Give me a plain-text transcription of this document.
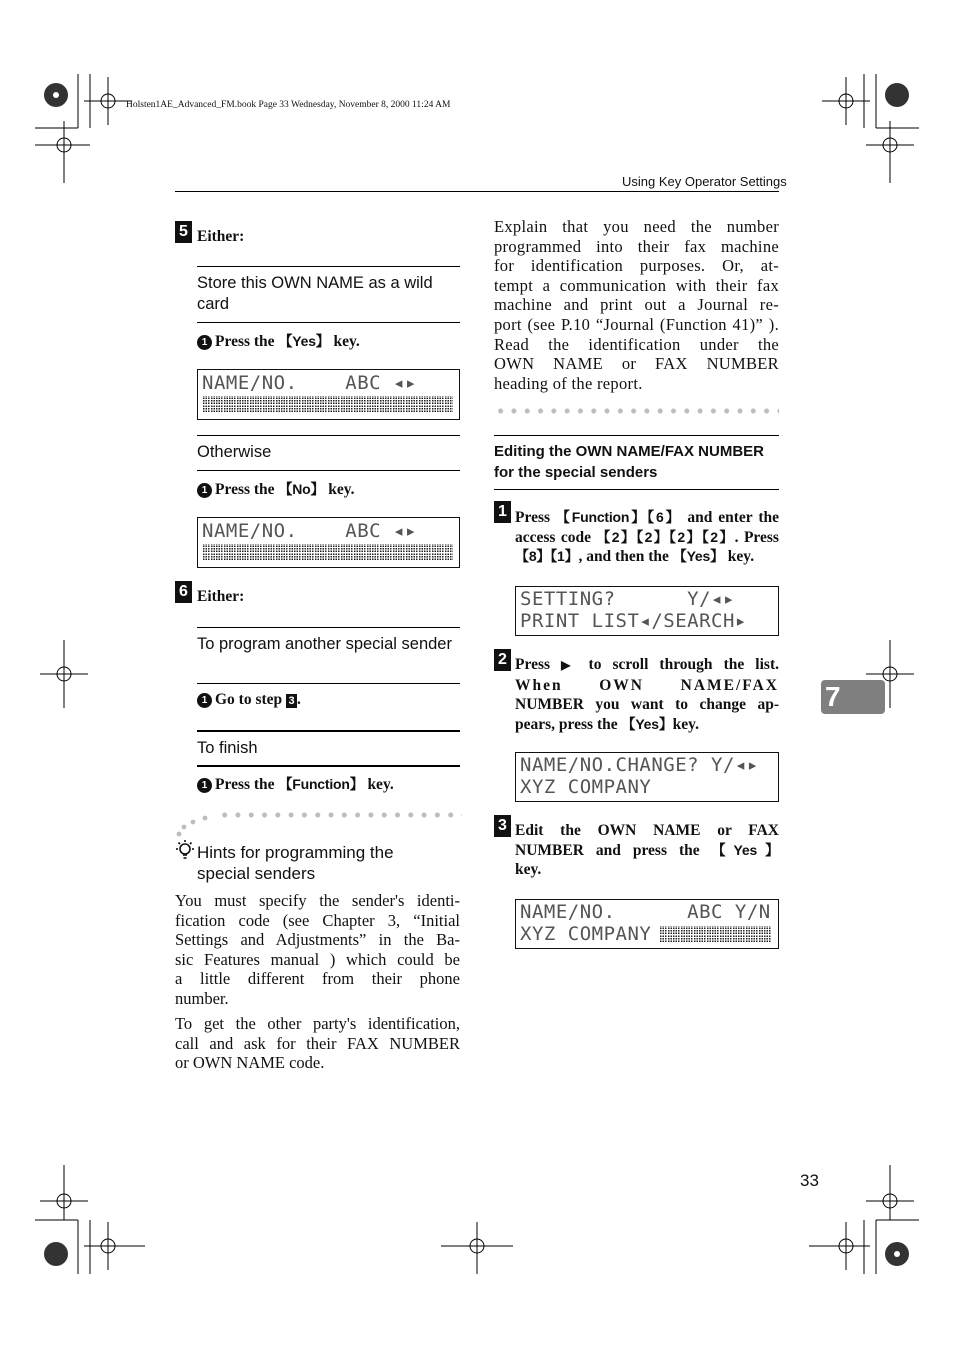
Holsten1AE_Advanced_FM.book Page 33 Wednesday, November 8, 2000 11:24 AM
Using Key Operator Settings
5 Either:
Store this OWN NAME as a wild card
1 Press the 【 Yes 】 key.
NAME/NO.    ABC ◂▸
Otherwise
1 Press the 【 No 】 key.
NAME/NO.    ABC ◂▸
6 Either:
To program another special sender
1 Go to step 3 .
To finish
1 Press the 【 Function 】 key.
Hints for programming the
special senders
You must specify the sender's identi-
fication code (see Chapter 3, “Initial
Settings and Adjustments” in the Ba-
sic Features manual ) which could be
a little different from their phone
number.
To get the other party's identification,
call and ask for their FAX NUMBER
or OWN NAME code.
Explain that you need the number
programmed into their fax machine
for identification purposes. Or, at-
tempt a communication with their fax
machine and print out a Journal re-
port (see P.10 “Journal (Function 41)” ).
Read the identification under the
OWN NAME or FAX NUMBER
heading of the report.
Editing the OWN NAME/FAX NUMBER
for the special senders
1 Press 【 Function 】 【 6 】 and enter the
access code 【 2 】 【 2 】 【 2 】 【 2 】 . Press
【 8 】 【 1 】 , and then the 【 Yes 】 key.
SETTING?      Y/◂▸
PRINT LIST◂/SEARCH▸
2 Press ▶ to scroll through the list.
When OWN NAME/FAX
NUMBER you want to change ap-
pears, press the 【 Yes 】 key.
NAME/NO.CHANGE? Y/◂▸
XYZ COMPANY
3 Edit the OWN NAME or FAX
NUMBER and press the 【 Yes 】
key.
NAME/NO.      ABC Y/N
XYZ COMPANY
7
33
